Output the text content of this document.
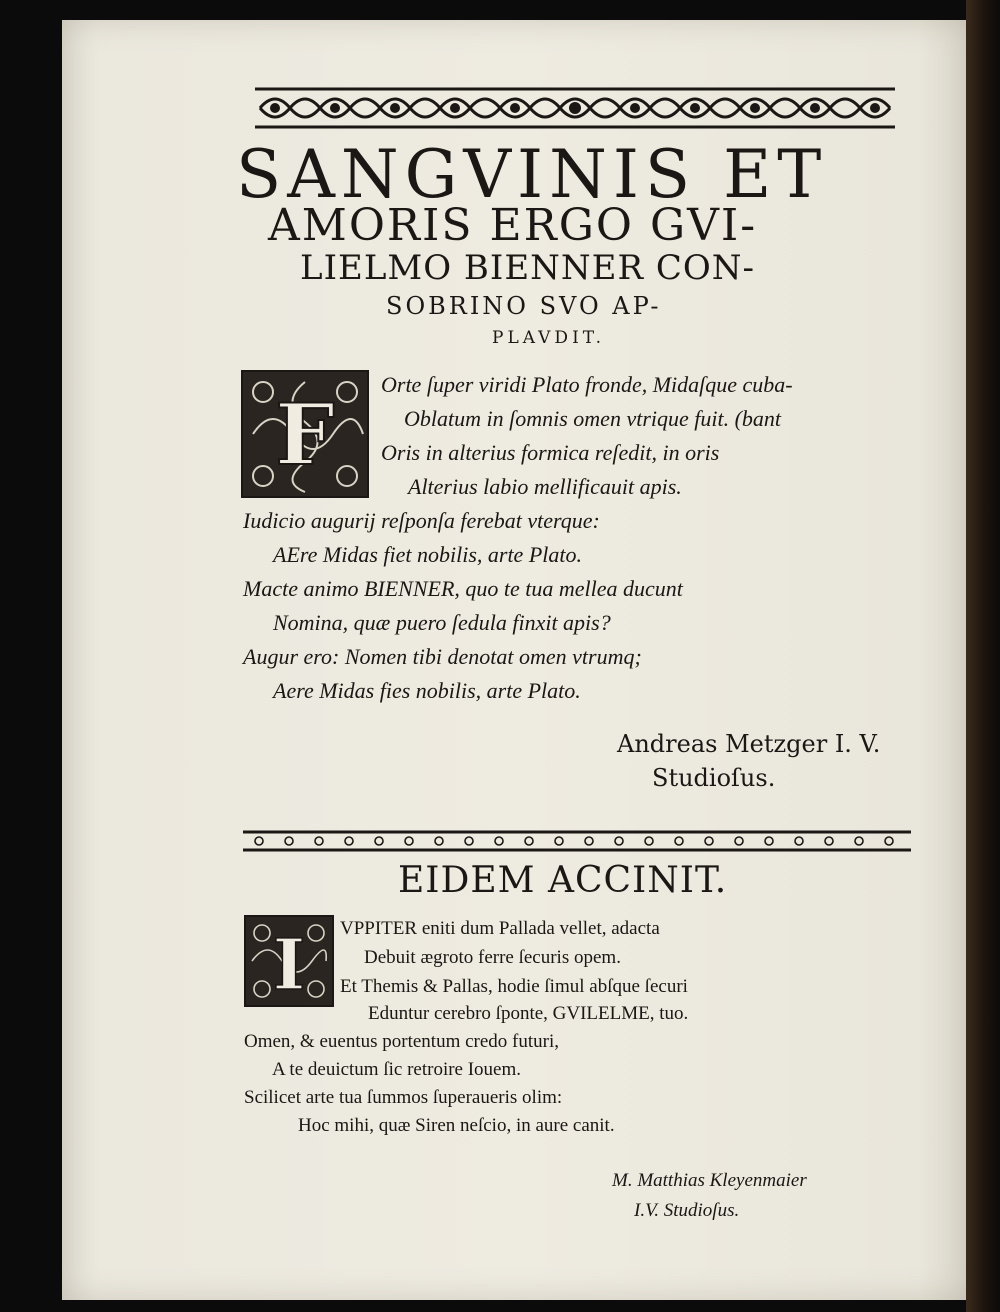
SANGVINIS ET
AMORIS ERGO GVI-
LIELMO BIENNER CON-
SOBRINO SVO AP-
PLAVDIT.
F
Orte ſuper viridi Plato fronde, Midaſque cuba-
Oblatum in ſomnis omen vtrique fuit. (bant
Oris in alterius formica reſedit, in oris
Alterius labio mellificauit apis.
Iudicio augurij reſponſa ferebat vterque:
AEre Midas fiet nobilis, arte Plato.
Macte animo BIENNER, quo te tua mellea ducunt
Nomina, quæ puero ſedula finxit apis?
Augur ero: Nomen tibi denotat omen vtrumq;
Aere Midas fies nobilis, arte Plato.
Andreas Metzger I. V.
Studioſus.
EIDEM ACCINIT.
I VPPITER eniti dum Pallada vellet, adacta
Debuit ægroto ferre ſecuris opem.
Et Themis & Pallas, hodie ſimul abſque ſecuri
Eduntur cerebro ſponte, GVILELME, tuo.
Omen, & euentus portentum credo futuri,
A te deuictum ſic retroire Iouem.
Scilicet arte tua ſummos ſuperaueris olim:
Hoc mihi, quæ Siren neſcio, in aure canit.
M. Matthias Kleyenmaier
I.V. Studioſus.
